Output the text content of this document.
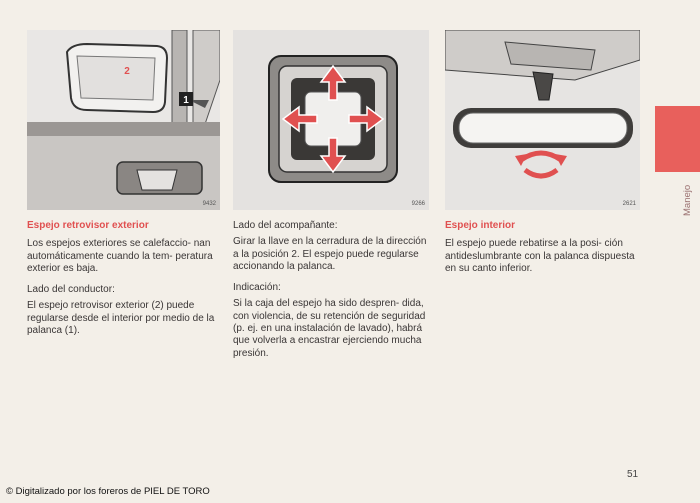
1
2
9432	9266	2621

Espejo retrovisor exterior

Los espejos exteriores se calefaccio- nan automáticamente cuando la tem- peratura exterior es baja.

Lado del conductor:

El espejo retrovisor exterior (2) puede regularse desde el interior por medio de la palanca (1).

Lado del acompañante:

Girar la llave en la cerradura de la dirección a la posición 2. El espejo puede regularse accionando la palanca.

Indicación:

Si la caja del espejo ha sido despren- dida, con violencia, de su retención de seguridad (p. ej. en una instalación de lavado), habrá que volverla a encastrar ejerciendo mucha presión.

Espejo interior

El espejo puede rebatirse a la posi- ción antideslumbrante con la palanca dispuesta en su canto inferior.

Manejo
51
© Digitalizado por los foreros de PIEL DE TORO
